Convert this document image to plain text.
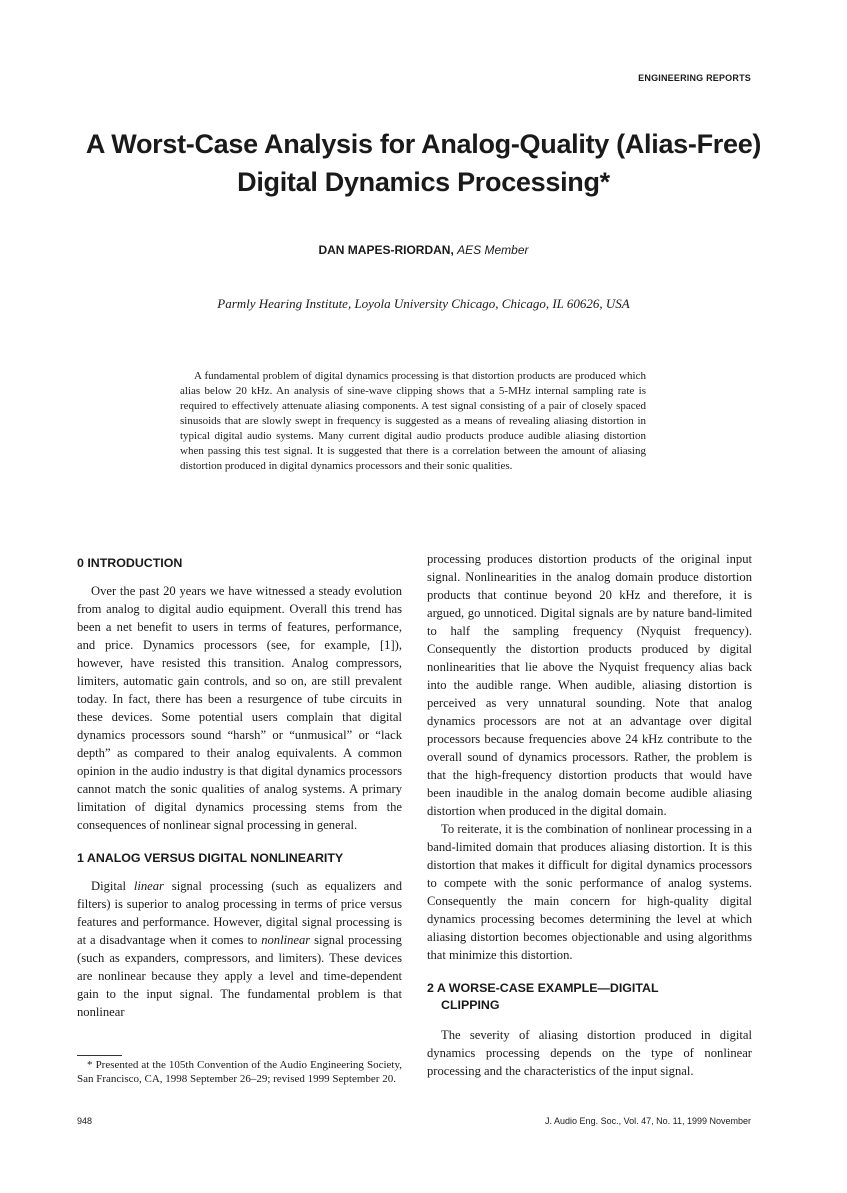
ENGINEERING REPORTS
A Worst-Case Analysis for Analog-Quality (Alias-Free)
Digital Dynamics Processing*
DAN MAPES-RIORDAN, AES Member
Parmly Hearing Institute, Loyola University Chicago, Chicago, IL 60626, USA

A fundamental problem of digital dynamics processing is that distortion products are produced which alias below 20 kHz. An analysis of sine-wave clipping shows that a 5-MHz internal sampling rate is required to effectively attenuate aliasing components. A test signal consisting of a pair of closely spaced sinusoids that are slowly swept in frequency is suggested as a means of revealing aliasing distortion in typical digital audio systems. Many current digital audio products produce audible aliasing distortion when passing this test signal. It is suggested that there is a correlation between the amount of aliasing distortion produced in digital dynamics processors and their sonic qualities.

0 INTRODUCTION

Over the past 20 years we have witnessed a steady evolution from analog to digital audio equipment. Overall this trend has been a net benefit to users in terms of features, performance, and price. Dynamics processors (see, for example, [1]), however, have resisted this transition. Analog compressors, limiters, automatic gain controls, and so on, are still prevalent today. In fact, there has been a resurgence of tube circuits in these devices. Some potential users complain that digital dynamics processors sound “harsh” or “unmusical” or “lack depth” as compared to their analog equivalents. A common opinion in the audio industry is that digital dynamics processors cannot match the sonic qualities of analog systems. A primary limitation of digital dynamics processing stems from the consequences of nonlinear signal processing in general.

1 ANALOG VERSUS DIGITAL NONLINEARITY

Digital linear signal processing (such as equalizers and filters) is superior to analog processing in terms of price versus features and performance. However, digital signal processing is at a disadvantage when it comes to nonlinear signal processing (such as expanders, compressors, and limiters). These devices are nonlinear because they apply a level and time-dependent gain to the input signal. The fundamental problem is that nonlinear

processing produces distortion products of the original input signal. Nonlinearities in the analog domain produce distortion products that continue beyond 20 kHz and therefore, it is argued, go unnoticed. Digital signals are by nature band-limited to half the sampling frequency (Nyquist frequency). Consequently the distortion products produced by digital nonlinearities that lie above the Nyquist frequency alias back into the audible range. When audible, aliasing distortion is perceived as very unnatural sounding. Note that analog dynamics processors are not at an advantage over digital processors because frequencies above 24 kHz contribute to the overall sound of dynamics processors. Rather, the problem is that the high-frequency distortion products that would have been inaudible in the analog domain become audible aliasing distortion when produced in the digital domain.

To reiterate, it is the combination of nonlinear processing in a band-limited domain that produces aliasing distortion. It is this distortion that makes it difficult for digital dynamics processors to compete with the sonic performance of analog systems. Consequently the main concern for high-quality digital dynamics processing becomes determining the level at which aliasing distortion becomes objectionable and using algorithms that minimize this distortion.

2 A WORSE-CASE EXAMPLE—DIGITAL
CLIPPING

The severity of aliasing distortion produced in digital dynamics processing depends on the type of nonlinear processing and the characteristics of the input signal.

* Presented at the 105th Convention of the Audio Engineering Society, San Francisco, CA, 1998 September 26–29; revised 1999 September 20.

948	J. Audio Eng. Soc., Vol. 47, No. 11, 1999 November
